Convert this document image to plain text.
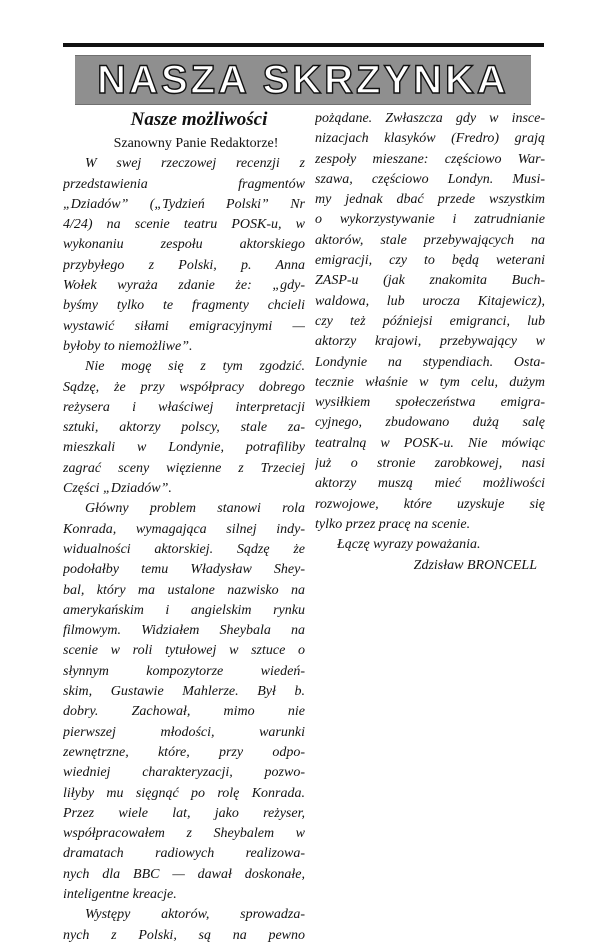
NASZA SKRZYNKA
Nasze możliwości
Szanowny Panie Redaktorze!
W swej rzeczowej recenzji z
przedstawienia fragmentów
„Dziadów” („Tydzień Polski” Nr
4/24) na scenie teatru POSK-u, w
wykonaniu zespołu aktorskiego
przybyłego z Polski, p. Anna
Wołek wyraża zdanie że: „gdy-
byśmy tylko te fragmenty chcieli
wystawić siłami emigracyjnymi —
byłoby to niemożliwe”.
Nie mogę się z tym zgodzić.
Sądzę, że przy współpracy dobrego
reżysera i właściwej interpretacji
sztuki, aktorzy polscy, stale za-
mieszkali w Londynie, potrafiliby
zagrać sceny więzienne z Trzeciej
Części „Dziadów”.
Główny problem stanowi rola
Konrada, wymagająca silnej indy-
widualności aktorskiej. Sądzę że
podołałby temu Władysław Shey-
bal, który ma ustalone nazwisko na
amerykańskim i angielskim rynku
filmowym. Widziałem Sheybala na
scenie w roli tytułowej w sztuce o
słynnym kompozytorze wiedeń-
skim, Gustawie Mahlerze. Był b.
dobry. Zachował, mimo nie
pierwszej młodości, warunki
zewnętrzne, które, przy odpo-
wiedniej charakteryzacji, pozwo-
liłyby mu sięgnąć po rolę Konrada.
Przez wiele lat, jako reżyser,
współpracowałem z Sheybalem w
dramatach radiowych realizowa-
nych dla BBC — dawał doskonałe,
inteligentne kreacje.
Występy aktorów, sprowadza-
nych z Polski, są na pewno
pożądane. Zwłaszcza gdy w insce-
nizacjach klasyków (Fredro) grają
zespoły mieszane: częściowo War-
szawa, częściowo Londyn. Musi-
my jednak dbać przede wszystkim
o wykorzystywanie i zatrudnianie
aktorów, stale przebywających na
emigracji, czy to będą weterani
ZASP-u (jak znakomita Buch-
waldowa, lub urocza Kitajewicz),
czy też późniejsi emigranci, lub
aktorzy krajowi, przebywający w
Londynie na stypendiach. Osta-
tecznie właśnie w tym celu, dużym
wysiłkiem społeczeństwa emigra-
cyjnego, zbudowano dużą salę
teatralną w POSK-u. Nie mówiąc
już o stronie zarobkowej, nasi
aktorzy muszą mieć możliwości
rozwojowe, które uzyskuje się
tylko przez pracę na scenie.
Łączę wyrazy poważania.
Zdzisław BRONCELL
